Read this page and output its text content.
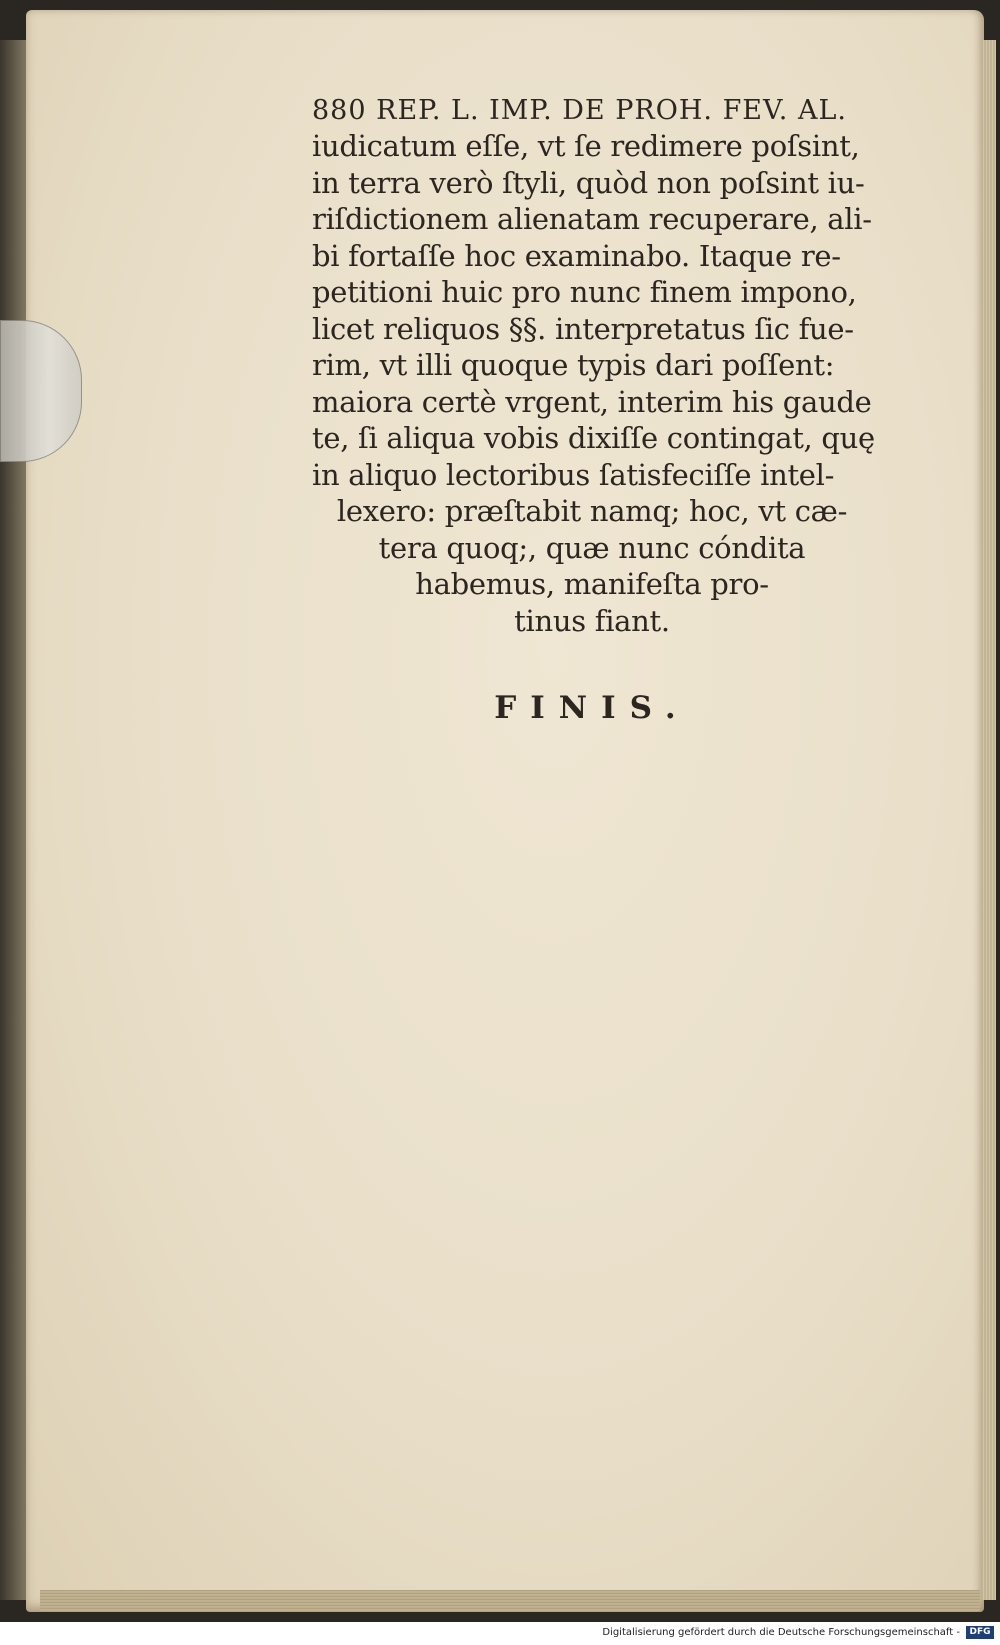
880 REP. L. IMP. DE PROH. FEV. AL.
iudicatum eſſe, vt ſe redimere poſsint,
in terra verò ſtyli, quòd non poſsint iu-
riſdictionem alienatam recuperare, ali-
bi fortaſſe hoc examinabo. Itaque re-
petitioni huic pro nunc finem impono,
licet reliquos §§. interpretatus ſic fue-
rim, vt illi quoque typis dari poſſent:
maiora certè vrgent, interim his gaude
te, ſi aliqua vobis dixiſſe contingat, quę
in aliquo lectoribus ſatisfeciſſe intel-
lexero: præſtabit namq; hoc, vt cæ-
tera quoq;, quæ nunc cóndita
habemus, manifeſta pro-
tinus fiant.
FINIS.
Digitalisierung gefördert durch die Deutsche Forschungsgemeinschaft -	DFG
